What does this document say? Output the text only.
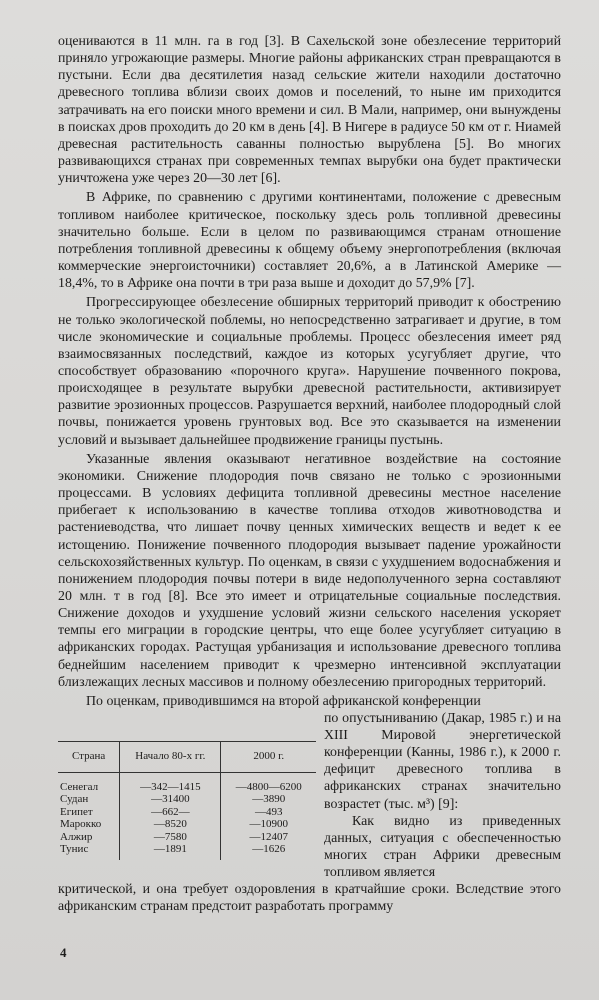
оцениваются в 11 млн. га в год [3]. В Сахельской зоне обезлесение территорий приняло угрожающие размеры. Многие районы африканских стран превращаются в пустыни. Если два десятилетия назад сельские жители находили достаточно древесного топлива вблизи своих домов и поселений, то ныне им приходится затрачивать на его поиски много времени и сил. В Мали, например, они вынуждены в поисках дров проходить до 20 км в день [4]. В Нигере в радиусе 50 км от г. Ниамей древесная растительность саванны полностью вырублена [5]. Во многих развивающихся странах при современных темпах вырубки она будет практически уничтожена уже через 20—30 лет [6].

В Африке, по сравнению с другими континентами, положение с древесным топливом наиболее критическое, поскольку здесь роль топливной древесины значительно больше. Если в целом по развивающимся странам отношение потребления топливной древесины к общему объему энергопотребления (включая коммерческие энергоисточники) составляет 20,6%, а в Латинской Америке — 18,4%, то в Африке она почти в три раза выше и доходит до 57,9% [7].

Прогрессирующее обезлесение обширных территорий приводит к обострению не только экологической поблемы, но непосредственно затрагивает и другие, в том числе экономические и социальные проблемы. Процесс обезлесения имеет ряд взаимосвязанных последствий, каждое из которых усугубляет другие, что способствует образованию «порочного круга». Нарушение почвенного покрова, происходящее в результате вырубки древесной растительности, активизирует развитие эрозионных процессов. Разрушается верхний, наиболее плодородный слой почвы, понижается уровень грунтовых вод. Все это сказывается на изменении условий и вызывает дальнейшее продвижение границы пустынь.

Указанные явления оказывают негативное воздействие на состояние экономики. Снижение плодородия почв связано не только с эрозионными процессами. В условиях дефицита топливной древесины местное население прибегает к использованию в качестве топлива отходов животноводства и растениеводства, что лишает почву ценных химических веществ и ведет к ее истощению. Понижение почвенного плодородия вызывает падение урожайности сельскохозяйственных культур. По оценкам, в связи с ухудшением водоснабжения и понижением плодородия почвы потери в виде недополученного зерна составляют 20 млн. т в год [8]. Все это имеет и отрицательные социальные последствия. Снижение доходов и ухудшение условий жизни сельского населения ускоряет темпы его миграции в городские центры, что еще более усугубляет ситуацию в африканских городах. Растущая урбанизация и использование древесного топлива беднейшим населением приводит к чрезмерно интенсивной эксплуатации близлежащих лесных массивов и полному обезлесению пригородных территорий.

По оценкам, приводившимся на второй африканской конференции

Страна	Начало 80-х гг.	2000 г.
Сенегал	—342—1415	—4800—6200
Судан	—31400	—3890
Египет	—662—	—493
Марокко	—8520	—10900
Алжир	—7580	—12407
Тунис	—1891	—1626

по опустыниванию (Дакар, 1985 г.) и на XIII Мировой энергетической конференции (Канны, 1986 г.), к 2000 г. дефицит древесного топлива в африканских странах значительно возрастет (тыс. м³) [9]:

Как видно из приведенных данных, ситуация с обеспеченностью многих стран Африки древесным топливом является

критической, и она требует оздоровления в кратчайшие сроки. Вследствие этого африканским странам предстоит разработать программу

4
